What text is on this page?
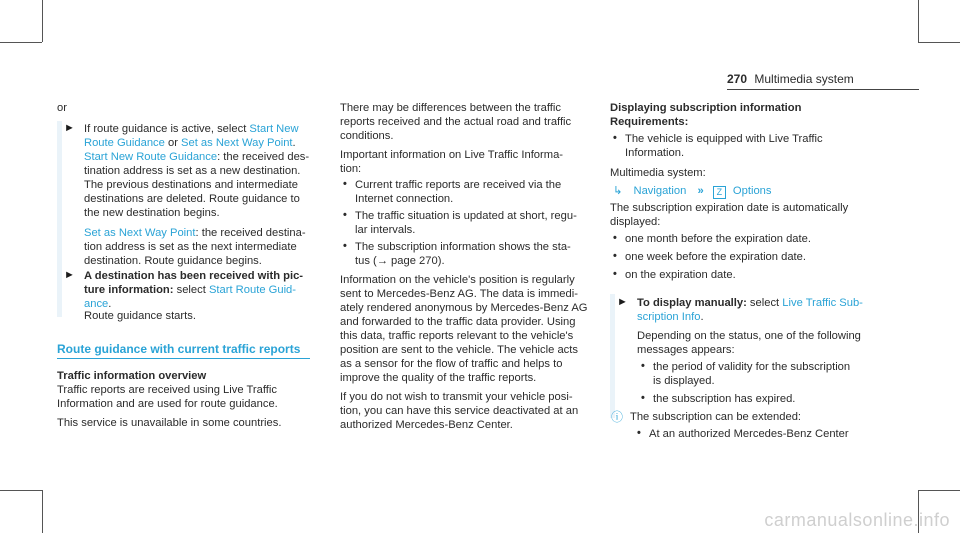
270 Multimedia system
or
► If route guidance is active, select Start New
Route Guidance or Set as Next Way Point.
Start New Route Guidance: the received des-
tination address is set as a new destination.
The previous destinations and intermediate
destinations are deleted. Route guidance to
the new destination begins.
Set as Next Way Point: the received destina-
tion address is set as the next intermediate
destination. Route guidance begins.
► A destination has been received with pic-
ture information: select Start Route Guid-
ance.
Route guidance starts.
Route guidance with current traffic reports
Traffic information overview
Traffic reports are received using Live Traffic
Information and are used for route guidance.
This service is unavailable in some countries.
There may be differences between the traffic
reports received and the actual road and traffic
conditions.
Important information on Live Traffic Informa-
tion:
• Current traffic reports are received via the
Internet connection.
• The traffic situation is updated at short, regu-
lar intervals.
• The subscription information shows the sta-
tus (→ page 270).
Information on the vehicle's position is regularly
sent to Mercedes-Benz AG. The data is immedi-
ately rendered anonymous by Mercedes-Benz AG
and forwarded to the traffic data provider. Using
this data, traffic reports relevant to the vehicle's
position are sent to the vehicle. The vehicle acts
as a sensor for the flow of traffic and helps to
improve the quality of the traffic reports.
If you do not wish to transmit your vehicle posi-
tion, you can have this service deactivated at an
authorized Mercedes-Benz Center.
Displaying subscription information
Requirements:
• The vehicle is equipped with Live Traffic
Information.
Multimedia system:
↳ Navigation » Z Options
The subscription expiration date is automatically
displayed:
• one month before the expiration date.
• one week before the expiration date.
• on the expiration date.
► To display manually: select Live Traffic Sub-
scription Info.
Depending on the status, one of the following
messages appears:
• the period of validity for the subscription
is displayed.
• the subscription has expired.
ⓘ The subscription can be extended:
• At an authorized Mercedes-Benz Center
carmanualsonline.info
